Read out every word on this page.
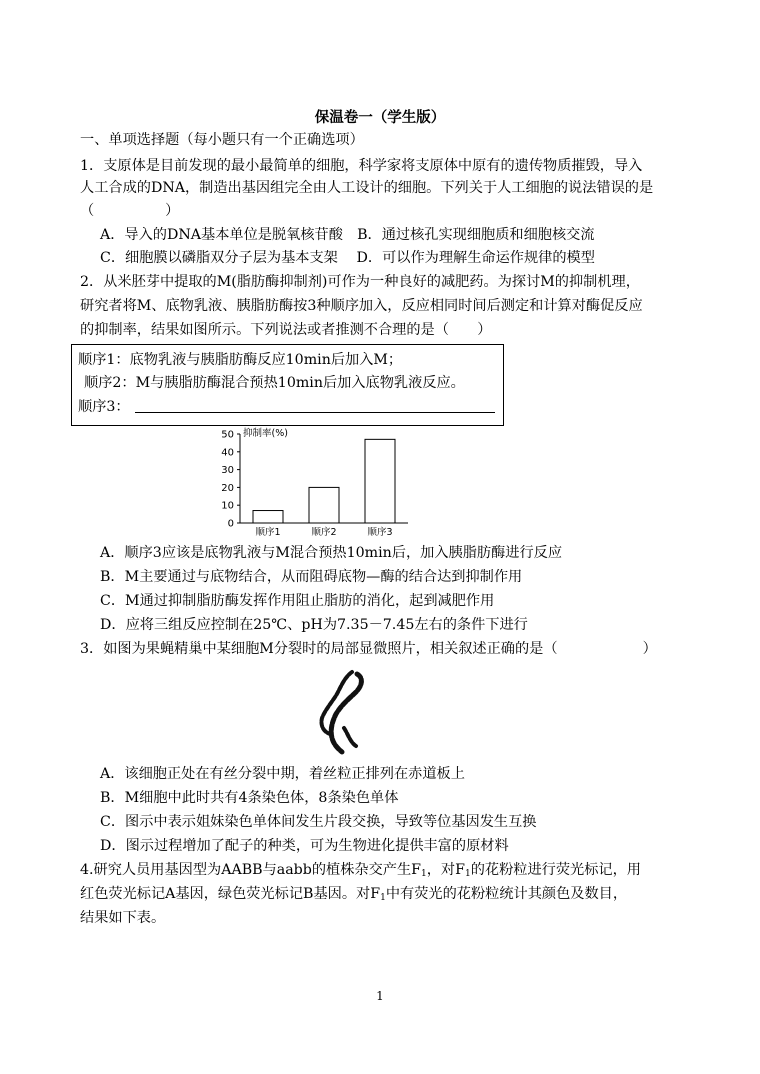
保温卷一（学生版）
一、单项选择题（每小题只有一个正确选项）
1．支原体是目前发现的最小最简单的细胞，科学家将支原体中原有的遗传物质摧毁，导入
人工合成的DNA，制造出基因组完全由人工设计的细胞。下列关于人工细胞的说法错误的是
（　　　　　）
A．导入的DNA基本单位是脱氧核苷酸　B．通过核孔实现细胞质和细胞核交流
C．细胞膜以磷脂双分子层为基本支架　 D．可以作为理解生命运作规律的模型
2．从米胚芽中提取的M(脂肪酶抑制剂)可作为一种良好的减肥药。为探讨M的抑制机理，
研究者将M、底物乳液、胰脂肪酶按3种顺序加入，反应相同时间后测定和计算对酶促反应
的抑制率，结果如图所示。下列说法或者推测不合理的是（　　）
顺序1：底物乳液与胰脂肪酶反应10min后加入M；
顺序2：M与胰脂肪酶混合预热10min后加入底物乳液反应。
顺序3：
0
10
20
30
40
50 抑制率(%)
顺序1	顺序2	顺序3
A．顺序3应该是底物乳液与M混合预热10min后，加入胰脂肪酶进行反应
B．M主要通过与底物结合，从而阻碍底物—酶的结合达到抑制作用
C．M通过抑制脂肪酶发挥作用阻止脂肪的消化，起到减肥作用
D．应将三组反应控制在25℃、pH为7.35－7.45左右的条件下进行
3．如图为果蝇精巢中某细胞M分裂时的局部显微照片，相关叙述正确的是（　　　　　　）
A．该细胞正处在有丝分裂中期，着丝粒正排列在赤道板上
B．M细胞中此时共有4条染色体，8条染色单体
C．图示中表示姐妹染色单体间发生片段交换，导致等位基因发生互换
D．图示过程增加了配子的种类，可为生物进化提供丰富的原材料
4.研究人员用基因型为AABB与aabb的植株杂交产生$F_1$，对$F_1$的花粉粒进行荧光标记，用
红色荧光标记A基因，绿色荧光标记B基因。对$F_1$中有荧光的花粉粒统计其颜色及数目，
结果如下表。
1
